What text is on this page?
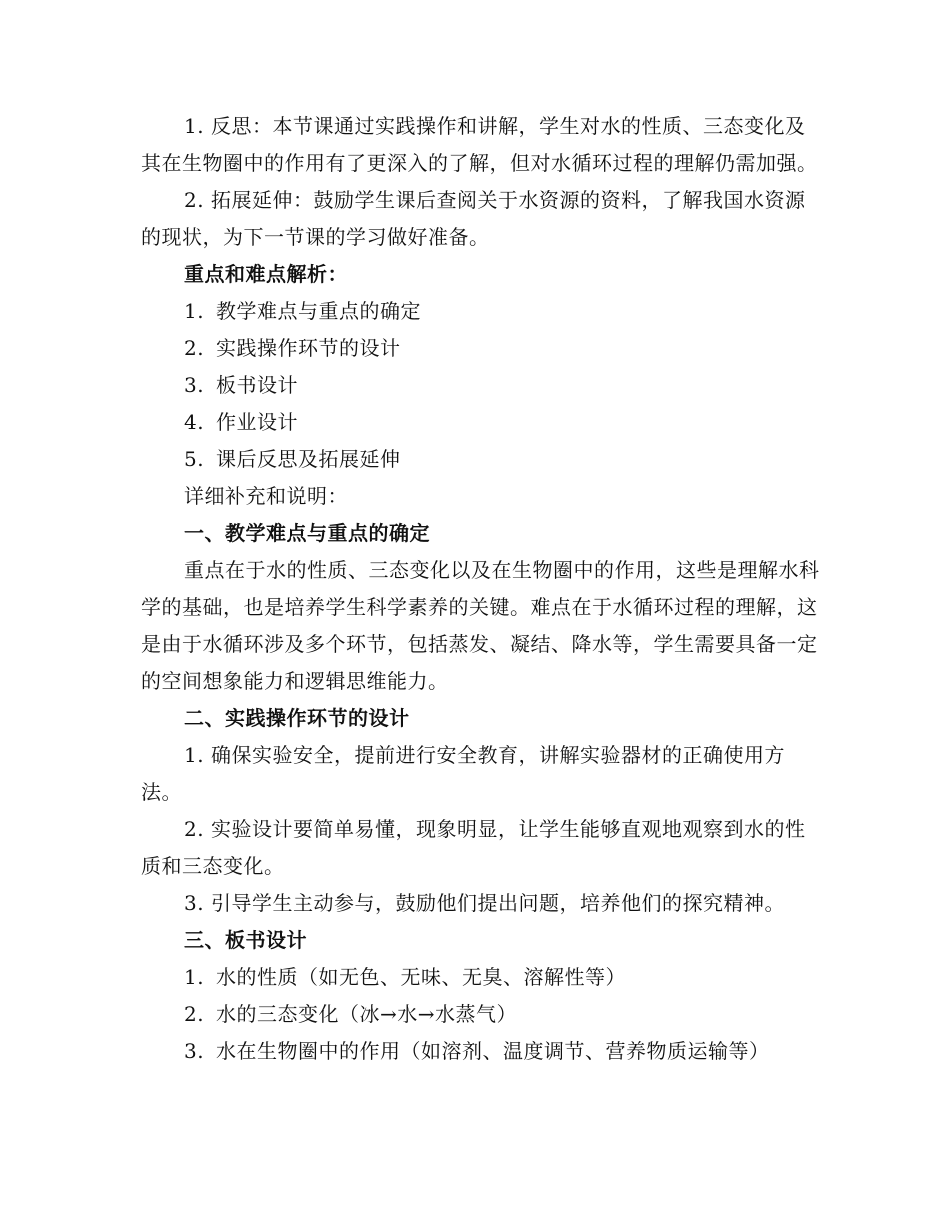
1. 反思：本节课通过实践操作和讲解，学生对水的性质、三态变化及其在生物圈中的作用有了更深入的了解，但对水循环过程的理解仍需加强。

2. 拓展延伸：鼓励学生课后查阅关于水资源的资料，了解我国水资源的现状，为下一节课的学习做好准备。

重点和难点解析：

1. 教学难点与重点的确定

2. 实践操作环节的设计

3. 板书设计

4. 作业设计

5. 课后反思及拓展延伸

详细补充和说明：

一、教学难点与重点的确定

重点在于水的性质、三态变化以及在生物圈中的作用，这些是理解水科学的基础，也是培养学生科学素养的关键。难点在于水循环过程的理解，这是由于水循环涉及多个环节，包括蒸发、凝结、降水等，学生需要具备一定的空间想象能力和逻辑思维能力。

二、实践操作环节的设计

1. 确保实验安全，提前进行安全教育，讲解实验器材的正确使用方法。

2. 实验设计要简单易懂，现象明显，让学生能够直观地观察到水的性质和三态变化。

3. 引导学生主动参与，鼓励他们提出问题，培养他们的探究精神。

三、板书设计

1. 水的性质（如无色、无味、无臭、溶解性等）

2. 水的三态变化（冰→水→水蒸气）

3. 水在生物圈中的作用（如溶剂、温度调节、营养物质运输等）
